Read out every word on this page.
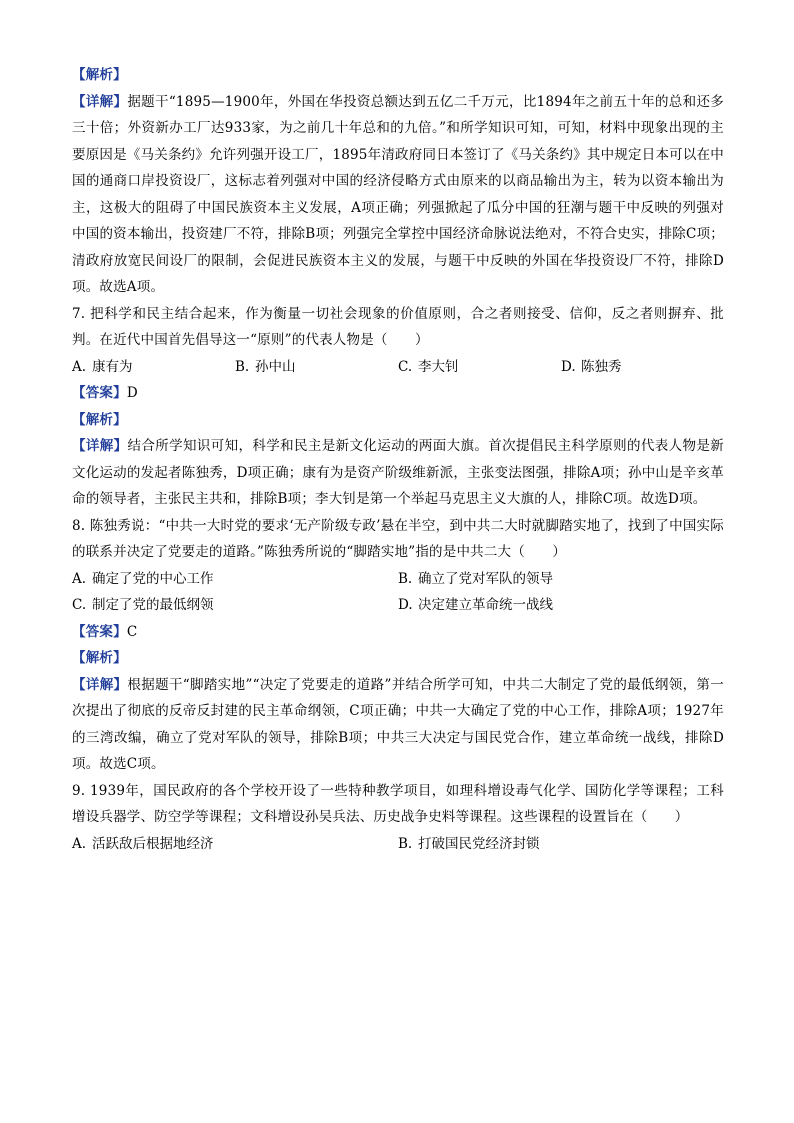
【解析】

【详解】据题干“1895—1900年，外国在华投资总额达到五亿二千万元，比1894年之前五十年的总和还多三十倍；外资新办工厂达933家，为之前几十年总和的九倍。”和所学知识可知，可知，材料中现象出现的主要原因是《马关条约》允许列强开设工厂，1895年清政府同日本签订了《马关条约》其中规定日本可以在中国的通商口岸投资设厂，这标志着列强对中国的经济侵略方式由原来的以商品输出为主，转为以资本输出为主，这极大的阻碍了中国民族资本主义发展，A项正确；列强掀起了瓜分中国的狂潮与题干中反映的列强对中国的资本输出，投资建厂不符，排除B项；列强完全掌控中国经济命脉说法绝对，不符合史实，排除C项；清政府放宽民间设厂的限制，会促进民族资本主义的发展，与题干中反映的外国在华投资设厂不符，排除D项。故选A项。

7. 把科学和民主结合起来，作为衡量一切社会现象的价值原则，合之者则接受、信仰，反之者则摒弃、批判。在近代中国首先倡导这一“原则”的代表人物是（　　）

A. 康有为	B. 孙中山	C. 李大钊	D. 陈独秀

【答案】D

【解析】

【详解】结合所学知识可知，科学和民主是新文化运动的两面大旗。首次提倡民主科学原则的代表人物是新文化运动的发起者陈独秀，D项正确；康有为是资产阶级维新派，主张变法图强，排除A项；孙中山是辛亥革命的领导者，主张民主共和，排除B项；李大钊是第一个举起马克思主义大旗的人，排除C项。故选D项。

8. 陈独秀说：“中共一大时党的要求‘无产阶级专政’悬在半空，到中共二大时就脚踏实地了，找到了中国实际的联系并决定了党要走的道路。”陈独秀所说的“脚踏实地”指的是中共二大（　　）

A. 确定了党的中心工作	B. 确立了党对军队的领导
C. 制定了党的最低纲领	D. 决定建立革命统一战线

【答案】C

【解析】

【详解】根据题干“脚踏实地”“决定了党要走的道路”并结合所学可知，中共二大制定了党的最低纲领，第一次提出了彻底的反帝反封建的民主革命纲领，C项正确；中共一大确定了党的中心工作，排除A项；1927年的三湾改编，确立了党对军队的领导，排除B项；中共三大决定与国民党合作，建立革命统一战线，排除D项。故选C项。

9. 1939年，国民政府的各个学校开设了一些特种教学项目，如理科增设毒气化学、国防化学等课程；工科增设兵器学、防空学等课程；文科增设孙吴兵法、历史战争史料等课程。这些课程的设置旨在（　　）

A. 活跃敌后根据地经济	B. 打破国民党经济封锁
